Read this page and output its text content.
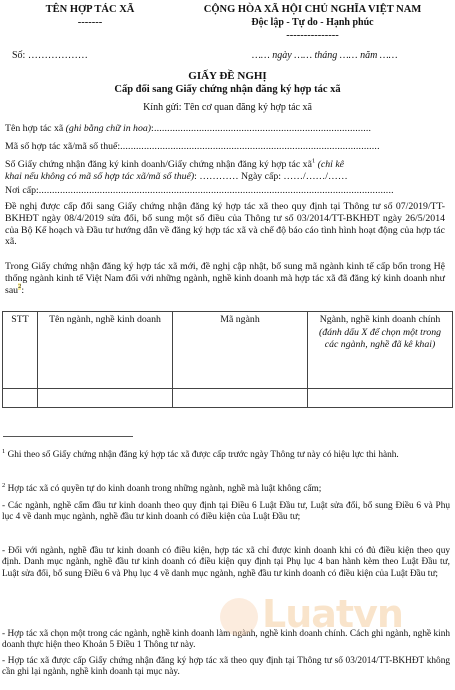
TÊN HỢP TÁC XÃ
-------
CỘNG HÒA XÃ HỘI CHỦ NGHĨA VIỆT NAM
Độc lập - Tự do - Hạnh phúc
---------------
Số: ………………	…… ngày …… tháng …… năm ……
GIẤY ĐỀ NGHỊ
Cấp đổi sang Giấy chứng nhận đăng ký hợp tác xã
Kính gửi: Tên cơ quan đăng ký hợp tác xã
Tên hợp tác xã (ghi bằng chữ in hoa):..................................................................................
Mã số hợp tác xã/mã số thuế:..................................................................................................
Số Giấy chứng nhận đăng ký kinh doanh/Giấy chứng nhận đăng ký hợp tác $xã^1$ (chỉ kê
khai nếu không có mã số hợp tác xã/mã số thuế): ………… Ngày cấp: ……/……/……
Nơi cấp:......................................................................................................................................
Đề nghị được cấp đổi sang Giấy chứng nhận đăng ký hợp tác xã theo quy định tại Thông tư số 07/2019/TT-BKHĐT ngày 08/4/2019 sửa đổi, bổ sung một số điều của Thông tư số 03/2014/TT-BKHĐT ngày 26/5/2014 của Bộ Kế hoạch và Đầu tư hướng dẫn về đăng ký hợp tác xã và chế độ báo cáo tình hình hoạt động của hợp tác xã.
Trong Giấy chứng nhận đăng ký hợp tác xã mới, đề nghị cập nhật, bổ sung mã ngành kinh tế cấp bốn trong Hệ thống ngành kinh tế Việt Nam đối với những ngành, nghề kinh doanh mà hợp tác xã đã đăng ký kinh doanh như sau$^2$:
STT	Tên ngành, nghề kinh doanh	Mã ngành	Ngành, nghề kinh doanh chính
(đánh dấu X để chọn một trong các ngành, nghề đã kê khai)

$^1$ Ghi theo số Giấy chứng nhận đăng ký hợp tác xã được cấp trước ngày Thông tư này có hiệu lực thi hành.
$^2$ Hợp tác xã có quyền tự do kinh doanh trong những ngành, nghề mà luật không cấm;
- Các ngành, nghề cấm đầu tư kinh doanh theo quy định tại Điều 6 Luật Đầu tư, Luật sửa đổi, bổ sung Điều 6 và Phụ lục 4 về danh mục ngành, nghề đầu tư kinh doanh có điều kiện của Luật Đầu tư;
- Đối với ngành, nghề đầu tư kinh doanh có điều kiện, hợp tác xã chỉ được kinh doanh khi có đủ điều kiện theo quy định. Danh mục ngành, nghề đầu tư kinh doanh có điều kiện quy định tại Phụ lục 4 ban hành kèm theo Luật Đầu tư, Luật sửa đổi, bổ sung Điều 6 và Phụ lục 4 về danh mục ngành, nghề đầu tư kinh doanh có điều kiện của Luật Đầu tư;
- Hợp tác xã chọn một trong các ngành, nghề kinh doanh làm ngành, nghề kinh doanh chính. Cách ghi ngành, nghề kinh doanh thực hiện theo Khoản 5 Điều 1 Thông tư này.
- Hợp tác xã được cấp Giấy chứng nhận đăng ký hợp tác xã theo quy định tại Thông tư số 03/2014/TT-BKHĐT không cần ghi lại ngành, nghề kinh doanh tại mục này.
Luatvn
